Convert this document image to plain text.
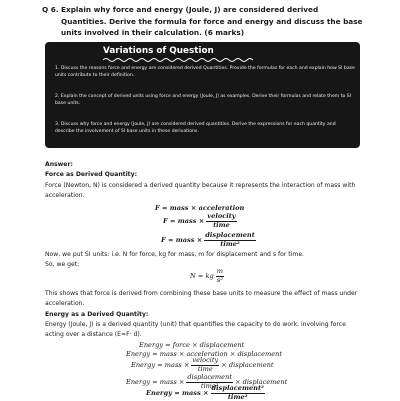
Q 6. Explain why force and energy (Joule, J) are considered derived Quantities. Derive the formula for force and energy and discuss the base units involved in their calculation. (6 marks)
Variations of Question
1. Discuss the reasons force and energy are considered derived Quantities. Provide the formulas for each and explain how SI base units contribute to their definition.
2. Explain the concept of derived units using force and energy (Joule, J) as examples. Derive their formulas and relate them to SI base units.
3. Discuss why force and energy (Joule, J) are considered derived quantities. Derive the expressions for each quantity and describe the involvement of SI base units in these derivations.
Answer:
Force as Derived Quantity:
Force (Newton, N) is considered a derived quantity because it represents the interaction of mass with acceleration.
F = mass × acceleration
F = mass × $\frac{\text{velocity}}{\text{time}}$
F = mass × $\frac{\text{displacement}}{\text{time²}}$
Now, we put SI units: i.e. N for force, kg for mass, m for displacement and s for time.
So, we get:
N = kg $\frac{m}{\text{s²}}$
This shows that force is derived from combining these base units to measure the effect of mass under acceleration.
Energy as a Derived Quantity:
Energy (Joule, J) is a derived quantity (unit) that quantifies the capacity to do work, involving force acting over a distance (E=F· d).
Energy = force × displacement
Energy = mass × acceleration × displacement
Energy = mass × $\frac{\text{velocity}}{\text{time}}$ × displacement
Energy = mass × $\frac{\text{displacement}}{\text{time²}}$ × displacement
Energy = mass × $\frac{\text{displacement²}}{\text{time²}}$
